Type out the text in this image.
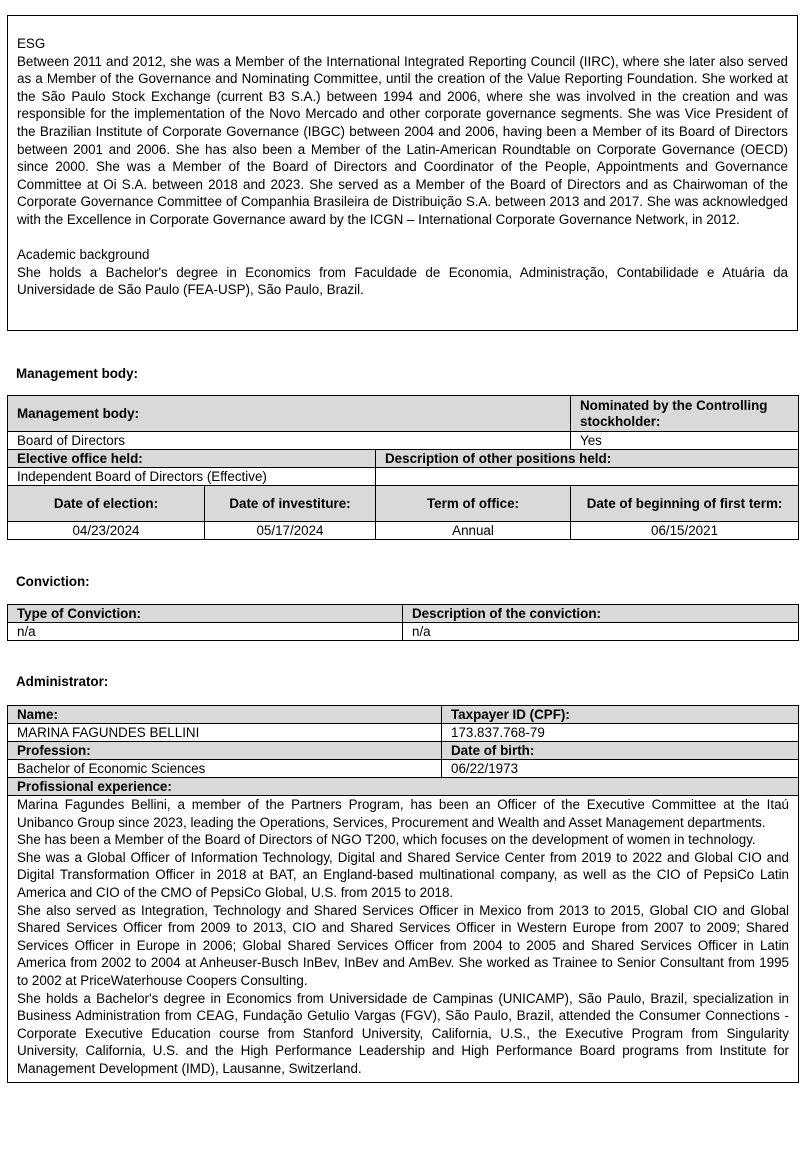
ESG

Between 2011 and 2012, she was a Member of the International Integrated Reporting Council (IIRC), where she later also served as a Member of the Governance and Nominating Committee, until the creation of the Value Reporting Foundation. She worked at the São Paulo Stock Exchange (current B3 S.A.) between 1994 and 2006, where she was involved in the creation and was responsible for the implementation of the Novo Mercado and other corporate governance segments. She was Vice President of the Brazilian Institute of Corporate Governance (IBGC) between 2004 and 2006, having been a Member of its Board of Directors between 2001 and 2006. She has also been a Member of the Latin-American Roundtable on Corporate Governance (OECD) since 2000. She was a Member of the Board of Directors and Coordinator of the People, Appointments and Governance Committee at Oi S.A. between 2018 and 2023. She served as a Member of the Board of Directors and as Chairwoman of the Corporate Governance Committee of Companhia Brasileira de Distribuição S.A. between 2013 and 2017. She was acknowledged with the Excellence in Corporate Governance award by the ICGN – International Corporate Governance Network, in 2012.

Academic background

She holds a Bachelor's degree in Economics from Faculdade de Economia, Administração, Contabilidade e Atuária da Universidade de São Paulo (FEA-USP), São Paulo, Brazil.

Management body:
Management body:			Nominated by the Controlling stockholder:
Board of Directors			Yes
Elective office held:		Description of other positions held:	
Independent Board of Directors (Effective)			
Date of election:	Date of investiture:	Term of office:	Date of beginning of first term:
04/23/2024	05/17/2024	Annual	06/15/2021
Conviction:
Type of Conviction:	Description of the conviction:
n/a	n/a
Administrator:
Name:	Taxpayer ID (CPF):
MARINA FAGUNDES BELLINI	173.837.768-79
Profession:	Date of birth:
Bachelor of Economic Sciences	06/22/1973
Profissional experience:	

Marina Fagundes Bellini, a member of the Partners Program, has been an Officer of the Executive Committee at the Itaú Unibanco Group since 2023, leading the Operations, Services, Procurement and Wealth and Asset Management departments.
She has been a Member of the Board of Directors of NGO T200, which focuses on the development of women in technology.
She was a Global Officer of Information Technology, Digital and Shared Service Center from 2019 to 2022 and Global CIO and Digital Transformation Officer in 2018 at BAT, an England-based multinational company, as well as the CIO of PepsiCo Latin America and CIO of the CMO of PepsiCo Global, U.S. from 2015 to 2018.
She also served as Integration, Technology and Shared Services Officer in Mexico from 2013 to 2015, Global CIO and Global Shared Services Officer from 2009 to 2013, CIO and Shared Services Officer in Western Europe from 2007 to 2009; Shared Services Officer in Europe in 2006; Global Shared Services Officer from 2004 to 2005 and Shared Services Officer in Latin America from 2002 to 2004 at Anheuser-Busch InBev, InBev and AmBev. She worked as Trainee to Senior Consultant from 1995 to 2002 at PriceWaterhouse Coopers Consulting.
She holds a Bachelor's degree in Economics from Universidade de Campinas (UNICAMP), São Paulo, Brazil, specialization in Business Administration from CEAG, Fundação Getulio Vargas (FGV), São Paulo, Brazil, attended the Consumer Connections - Corporate Executive Education course from Stanford University, California, U.S., the Executive Program from Singularity University, California, U.S. and the High Performance Leadership and High Performance Board programs from Institute for Management Development (IMD), Lausanne, Switzerland.	
